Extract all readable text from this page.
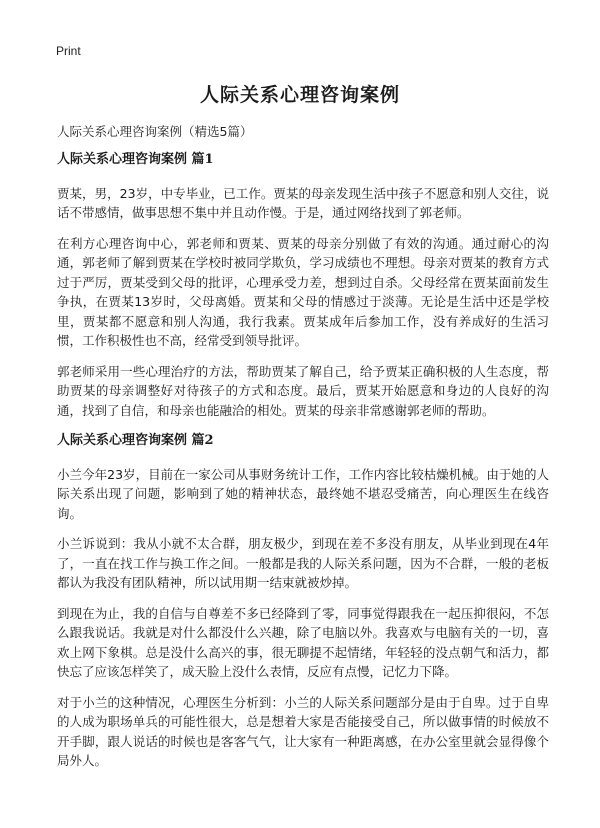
Print
人际关系心理咨询案例

人际关系心理咨询案例（精选5篇）

人际关系心理咨询案例 篇1

贾某，男，23岁，中专毕业，已工作。贾某的母亲发现生活中孩子不愿意和别人交往，说话不带感情，做事思想不集中并且动作慢。于是，通过网络找到了郭老师。

在利方心理咨询中心，郭老师和贾某、贾某的母亲分别做了有效的沟通。通过耐心的沟通，郭老师了解到贾某在学校时被同学欺负，学习成绩也不理想。母亲对贾某的教育方式过于严厉，贾某受到父母的批评，心理承受力差，想到过自杀。父母经常在贾某面前发生争执，在贾某13岁时，父母离婚。贾某和父母的情感过于淡薄。无论是生活中还是学校里，贾某都不愿意和别人沟通，我行我素。贾某成年后参加工作，没有养成好的生活习惯，工作积极性也不高，经常受到领导批评。

郭老师采用一些心理治疗的方法，帮助贾某了解自己，给予贾某正确积极的人生态度，帮助贾某的母亲调整好对待孩子的方式和态度。最后，贾某开始愿意和身边的人良好的沟通，找到了自信，和母亲也能融洽的相处。贾某的母亲非常感谢郭老师的帮助。

人际关系心理咨询案例 篇2

小兰今年23岁，目前在一家公司从事财务统计工作，工作内容比较枯燥机械。由于她的人际关系出现了问题，影响到了她的精神状态，最终她不堪忍受痛苦，向心理医生在线咨询。

小兰诉说到：我从小就不太合群，朋友极少，到现在差不多没有朋友，从毕业到现在4年了，一直在找工作与换工作之间。一般都是我的人际关系问题，因为不合群，一般的老板都认为我没有团队精神，所以试用期一结束就被炒掉。

到现在为止，我的自信与自尊差不多已经降到了零，同事觉得跟我在一起压抑很闷，不怎么跟我说话。我就是对什么都没什么兴趣，除了电脑以外。我喜欢与电脑有关的一切，喜欢上网下象棋。总是没什么高兴的事，很无聊提不起情绪，年轻轻的没点朝气和活力，都快忘了应该怎样笑了，成天脸上没什么表情，反应有点慢，记忆力下降。

对于小兰的这种情况，心理医生分析到：小兰的人际关系问题部分是由于自卑。过于自卑的人成为职场单兵的可能性很大，总是想着大家是否能接受自己，所以做事情的时候放不开手脚，跟人说话的时候也是客客气气，让大家有一种距离感，在办公室里就会显得像个局外人。
